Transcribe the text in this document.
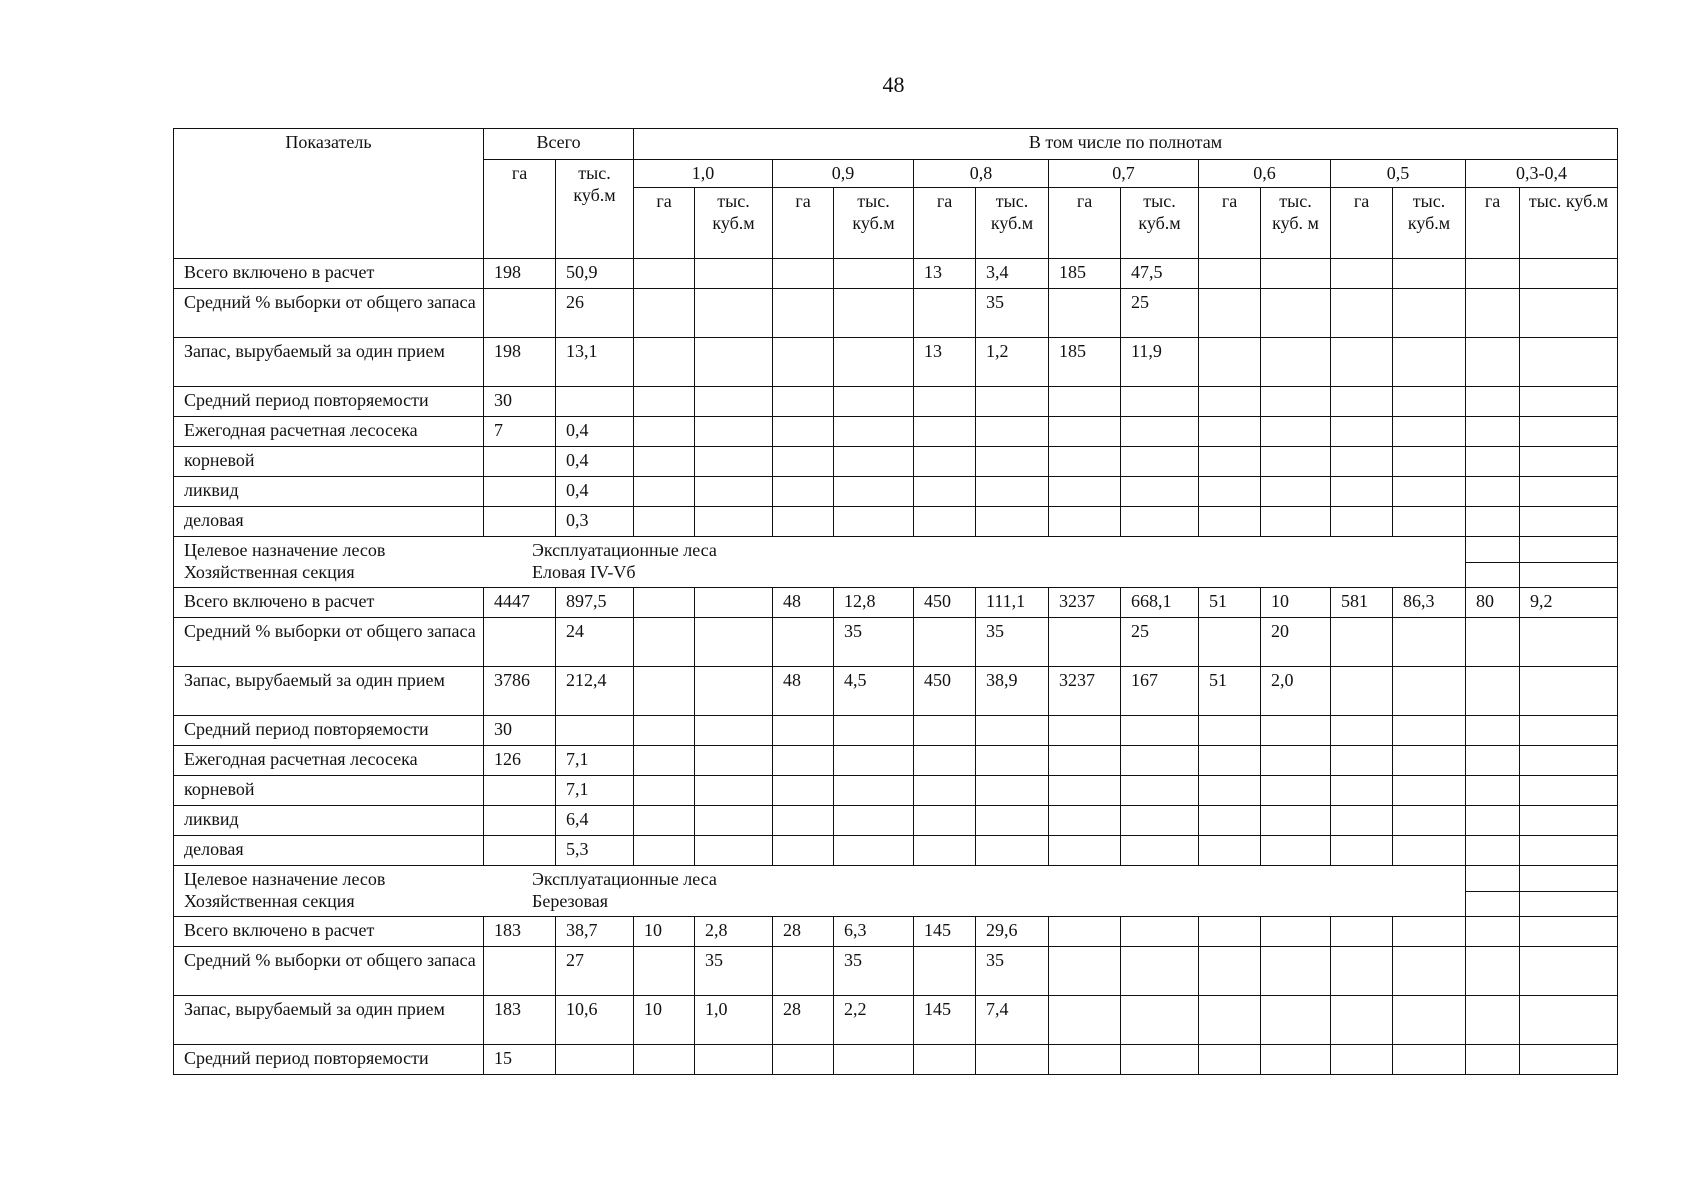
48
Показатель	Всего		В том числе по полнотам													
	га	тыс. куб.м	1,0		0,9		0,8		0,7		0,6		0,5		0,3-0,4	
			га	тыс. куб.м	га	тыс. куб.м	га	тыс. куб.м	га	тыс. куб.м	га	тыс. куб. м	га	тыс. куб.м	га	тыс. куб.м
Всего включено в расчет	198	50,9					13	3,4	185	47,5						
Средний % выборки от общего запаса		26						35		25						
Запас, вырубаемый за один прием	198	13,1					13	1,2	185	11,9						
Средний период повторяемости	30															
Ежегодная расчетная лесосека	7	0,4														
корневой		0,4														
ликвид		0,4														
деловая		0,3														

Целевое назначение лесов Эксплуатационные леса
Хозяйственная секция Еловая IV-Vб																

Всего включено в расчет	4447	897,5			48	12,8	450	111,1	3237	668,1	51	10	581	86,3	80	9,2
Средний % выборки от общего запаса		24				35		35		25		20				
Запас, вырубаемый за один прием	3786	212,4			48	4,5	450	38,9	3237	167	51	2,0				
Средний период повторяемости	30															
Ежегодная расчетная лесосека	126	7,1														
корневой		7,1														
ликвид		6,4														
деловая		5,3														

Целевое назначение лесов Эксплуатационные леса
Хозяйственная секция Березовая																

Всего включено в расчет	183	38,7	10	2,8	28	6,3	145	29,6								
Средний % выборки от общего запаса		27		35		35		35								
Запас, вырубаемый за один прием	183	10,6	10	1,0	28	2,2	145	7,4								
Средний период повторяемости	15															
